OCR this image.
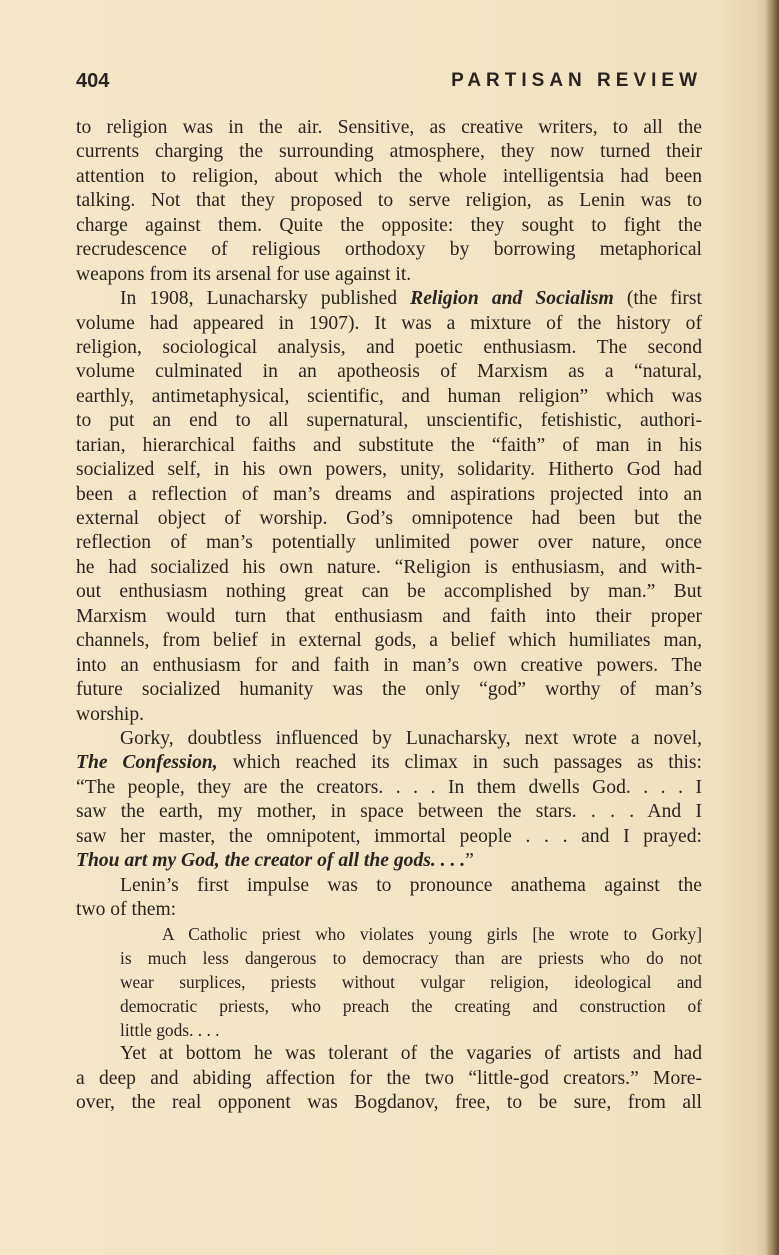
404	PARTISAN REVIEW
to religion was in the air. Sensitive, as creative writers, to all the
currents charging the surrounding atmosphere, they now turned their
attention to religion, about which the whole intelligentsia had been
talking. Not that they proposed to serve religion, as Lenin was to
charge against them. Quite the opposite: they sought to fight the
recrudescence of religious orthodoxy by borrowing metaphorical
weapons from its arsenal for use against it.
In 1908, Lunacharsky published Religion and Socialism (the first
volume had appeared in 1907). It was a mixture of the history of
religion, sociological analysis, and poetic enthusiasm. The second
volume culminated in an apotheosis of Marxism as a “natural,
earthly, antimetaphysical, scientific, and human religion” which was
to put an end to all supernatural, unscientific, fetishistic, authori-
tarian, hierarchical faiths and substitute the “faith” of man in his
socialized self, in his own powers, unity, solidarity. Hitherto God had
been a reflection of man’s dreams and aspirations projected into an
external object of worship. God’s omnipotence had been but the
reflection of man’s potentially unlimited power over nature, once
he had socialized his own nature. “Religion is enthusiasm, and with-
out enthusiasm nothing great can be accomplished by man.” But
Marxism would turn that enthusiasm and faith into their proper
channels, from belief in external gods, a belief which humiliates man,
into an enthusiasm for and faith in man’s own creative powers. The
future socialized humanity was the only “god” worthy of man’s
worship.
Gorky, doubtless influenced by Lunacharsky, next wrote a novel,
The Confession, which reached its climax in such passages as this:
“The people, they are the creators. . . . In them dwells God. . . . I
saw the earth, my mother, in space between the stars. . . . And I
saw her master, the omnipotent, immortal people . . . and I prayed:
Thou art my God, the creator of all the gods. . . .”
Lenin’s first impulse was to pronounce anathema against the
two of them:
A Catholic priest who violates young girls [he wrote to Gorky]
is much less dangerous to democracy than are priests who do not
wear surplices, priests without vulgar religion, ideological and
democratic priests, who preach the creating and construction of
little gods. . . .
Yet at bottom he was tolerant of the vagaries of artists and had
a deep and abiding affection for the two “little-god creators.” More-
over, the real opponent was Bogdanov, free, to be sure, from all
